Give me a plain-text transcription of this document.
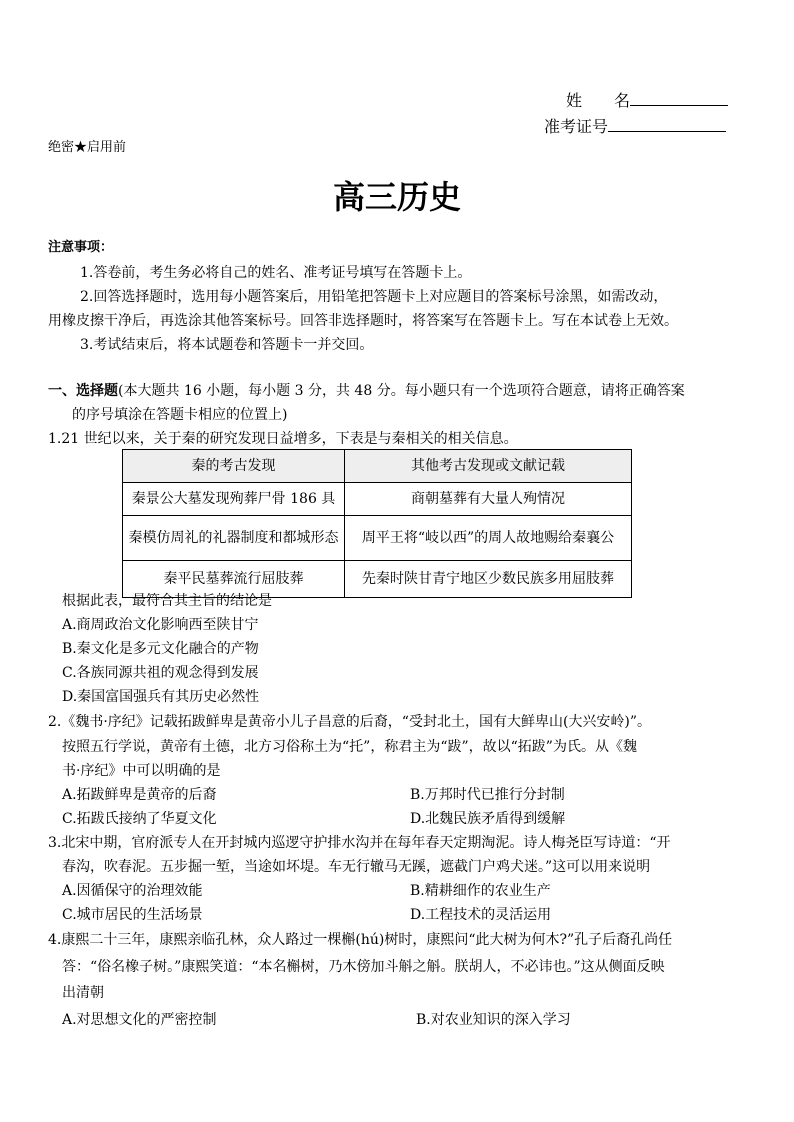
姓　　名
准考证号
绝密★启用前
高三历史
注意事项：
1.答卷前，考生务必将自己的姓名、准考证号填写在答题卡上。
2.回答选择题时，选用每小题答案后，用铅笔把答题卡上对应题目的答案标号涂黑，如需改动，
用橡皮擦干净后，再选涂其他答案标号。回答非选择题时，将答案写在答题卡上。写在本试卷上无效。
3.考试结束后，将本试题卷和答题卡一并交回。
一、选择题(本大题共 16 小题，每小题 3 分，共 48 分。每小题只有一个选项符合题意，请将正确答案
的序号填涂在答题卡相应的位置上)
1.21 世纪以来，关于秦的研究发现日益增多，下表是与秦相关的相关信息。
秦的考古发现	其他考古发现或文献记载
秦景公大墓发现殉葬尸骨 186 具	商朝墓葬有大量人殉情况
秦模仿周礼的礼器制度和都城形态	周平王将“岐以西”的周人故地赐给秦襄公
秦平民墓葬流行屈肢葬	先秦时陕甘青宁地区少数民族多用屈肢葬
根据此表，最符合其主旨的结论是
A.商周政治文化影响西至陕甘宁
B.秦文化是多元文化融合的产物
C.各族同源共祖的观念得到发展
D.秦国富国强兵有其历史必然性
2.《魏书·序纪》记载拓跋鲜卑是黄帝小儿子昌意的后裔，“受封北土，国有大鲜卑山(大兴安岭)”。
按照五行学说，黄帝有土德，北方习俗称土为“托”，称君主为“跋”，故以“拓跋”为氏。从《魏
书·序纪》中可以明确的是
A.拓跋鲜卑是黄帝的后裔	B.万邦时代已推行分封制
C.拓跋氏接纳了华夏文化	D.北魏民族矛盾得到缓解
3.北宋中期，官府派专人在开封城内巡逻守护排水沟并在每年春天定期淘泥。诗人梅尧臣写诗道：“开
春沟，吹春泥。五步掘一堑，当途如坏堤。车无行辙马无蹊，遮截门户鸡犬迷。”这可以用来说明
A.因循保守的治理效能	B.精耕细作的农业生产
C.城市居民的生活场景	D.工程技术的灵活运用
4.康熙二十三年，康熙亲临孔林，众人路过一棵槲(hú)树时，康熙问“此大树为何木?”孔子后裔孔尚任
答：“俗名橡子树。”康熙笑道：“本名槲树，乃木傍加斗斛之斛。朕胡人，不必讳也。”这从侧面反映
出清朝
A.对思想文化的严密控制	B.对农业知识的深入学习
